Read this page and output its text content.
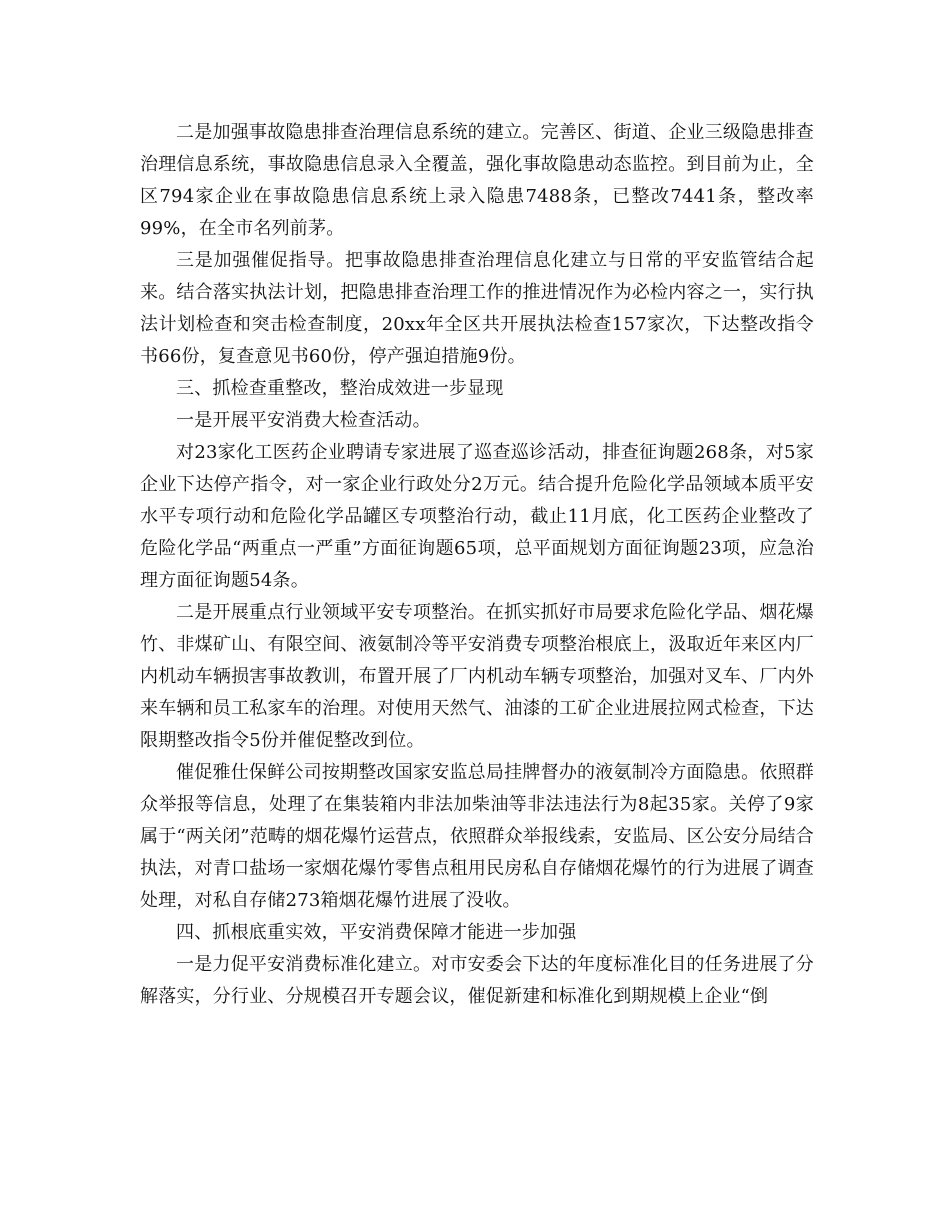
二是加强事故隐患排查治理信息系统的建立。完善区、街道、企业三级隐患排查治理信息系统，事故隐患信息录入全覆盖，强化事故隐患动态监控。到目前为止，全区794家企业在事故隐患信息系统上录入隐患7488条，已整改7441条，整改率99%，在全市名列前茅。

三是加强催促指导。把事故隐患排查治理信息化建立与日常的平安监管结合起来。结合落实执法计划，把隐患排查治理工作的推进情况作为必检内容之一，实行执法计划检查和突击检查制度，20xx年全区共开展执法检查157家次，下达整改指令书66份，复查意见书60份，停产强迫措施9份。

三、抓检查重整改，整治成效进一步显现

一是开展平安消费大检查活动。

对23家化工医药企业聘请专家进展了巡查巡诊活动，排查征询题268条，对5家企业下达停产指令，对一家企业行政处分2万元。结合提升危险化学品领域本质平安水平专项行动和危险化学品罐区专项整治行动，截止11月底，化工医药企业整改了危险化学品“两重点一严重”方面征询题65项，总平面规划方面征询题23项，应急治理方面征询题54条。

二是开展重点行业领域平安专项整治。在抓实抓好市局要求危险化学品、烟花爆竹、非煤矿山、有限空间、液氨制冷等平安消费专项整治根底上，汲取近年来区内厂内机动车辆损害事故教训，布置开展了厂内机动车辆专项整治，加强对叉车、厂内外来车辆和员工私家车的治理。对使用天然气、油漆的工矿企业进展拉网式检查，下达限期整改指令5份并催促整改到位。

催促雅仕保鲜公司按期整改国家安监总局挂牌督办的液氨制冷方面隐患。依照群众举报等信息，处理了在集装箱内非法加柴油等非法违法行为8起35家。关停了9家属于“两关闭”范畴的烟花爆竹运营点，依照群众举报线索，安监局、区公安分局结合执法，对青口盐场一家烟花爆竹零售点租用民房私自存储烟花爆竹的行为进展了调查处理，对私自存储273箱烟花爆竹进展了没收。

四、抓根底重实效，平安消费保障才能进一步加强

一是力促平安消费标准化建立。对市安委会下达的年度标准化目的任务进展了分解落实，分行业、分规模召开专题会议，催促新建和标准化到期规模上企业“倒
